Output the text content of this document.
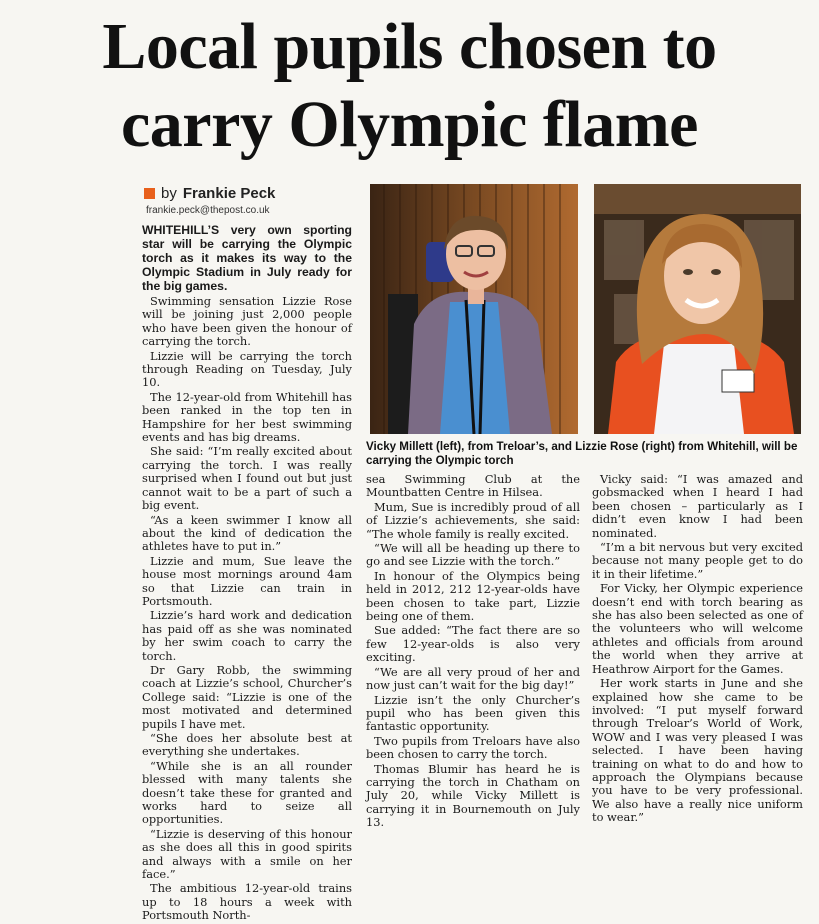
Local pupils chosen to
carry Olympic flame
by Frankie Peck
frankie.peck@thepost.co.uk

WHITEHILL’S very own sporting star will be carrying the Olympic torch as it makes its way to the Olympic Stadium in July ready for the big games.

Swimming sensation Lizzie Rose will be joining just 2,000 people who have been given the honour of carrying the torch.

Lizzie will be carrying the torch through Reading on Tuesday, July 10.

The 12-year-old from Whitehill has been ranked in the top ten in Hampshire for her best swimming events and has big dreams.

She said: “I’m really excited about carrying the torch. I was really surprised when I found out but just cannot wait to be a part of such a big event.

“As a keen swimmer I know all about the kind of dedication the athletes have to put in.”

Lizzie and mum, Sue leave the house most mornings around 4am so that Lizzie can train in Portsmouth.

Lizzie’s hard work and dedication has paid off as she was nominated by her swim coach to carry the torch.

Dr Gary Robb, the swimming coach at Lizzie’s school, Churcher’s College said: “Lizzie is one of the most motivated and determined pupils I have met.

“She does her absolute best at everything she undertakes.

“While she is an all rounder blessed with many talents she doesn’t take these for granted and works hard to seize all opportunities.

“Lizzie is deserving of this honour as she does all this in good spirits and always with a smile on her face.”

The ambitious 12-year-old trains up to 18 hours a week with Portsmouth North-

Vicky Millett (left), from Treloar’s, and Lizzie Rose (right) from Whitehill, will be carrying the Olympic torch

sea Swimming Club at the Mountbatten Centre in Hilsea.

Mum, Sue is incredibly proud of all of Lizzie’s achievements, she said: “The whole family is really excited.

“We will all be heading up there to go and see Lizzie with the torch.”

In honour of the Olympics being held in 2012, 212 12-year-olds have been chosen to take part, Lizzie being one of them.

Sue added: “The fact there are so few 12-year-olds is also very exciting.

“We are all very proud of her and now just can’t wait for the big day!”

Lizzie isn’t the only Churcher’s pupil who has been given this fantastic opportunity.

Two pupils from Treloars have also been chosen to carry the torch.

Thomas Blumir has heard he is carrying the torch in Chatham on July 20, while Vicky Millett is carrying it in Bournemouth on July 13.

Vicky said: “I was amazed and gobsmacked when I heard I had been chosen – particularly as I didn’t even know I had been nominated.

“I’m a bit nervous but very excited because not many people get to do it in their lifetime.”

For Vicky, her Olympic experience doesn’t end with torch bearing as she has also been selected as one of the volunteers who will welcome athletes and officials from around the world when they arrive at Heathrow Airport for the Games.

Her work starts in June and she explained how she came to be involved: “I put myself forward through Treloar’s World of Work, WOW and I was very pleased I was selected. I have been having training on what to do and how to approach the Olympians because you have to be very professional. We also have a really nice uniform to wear.”
